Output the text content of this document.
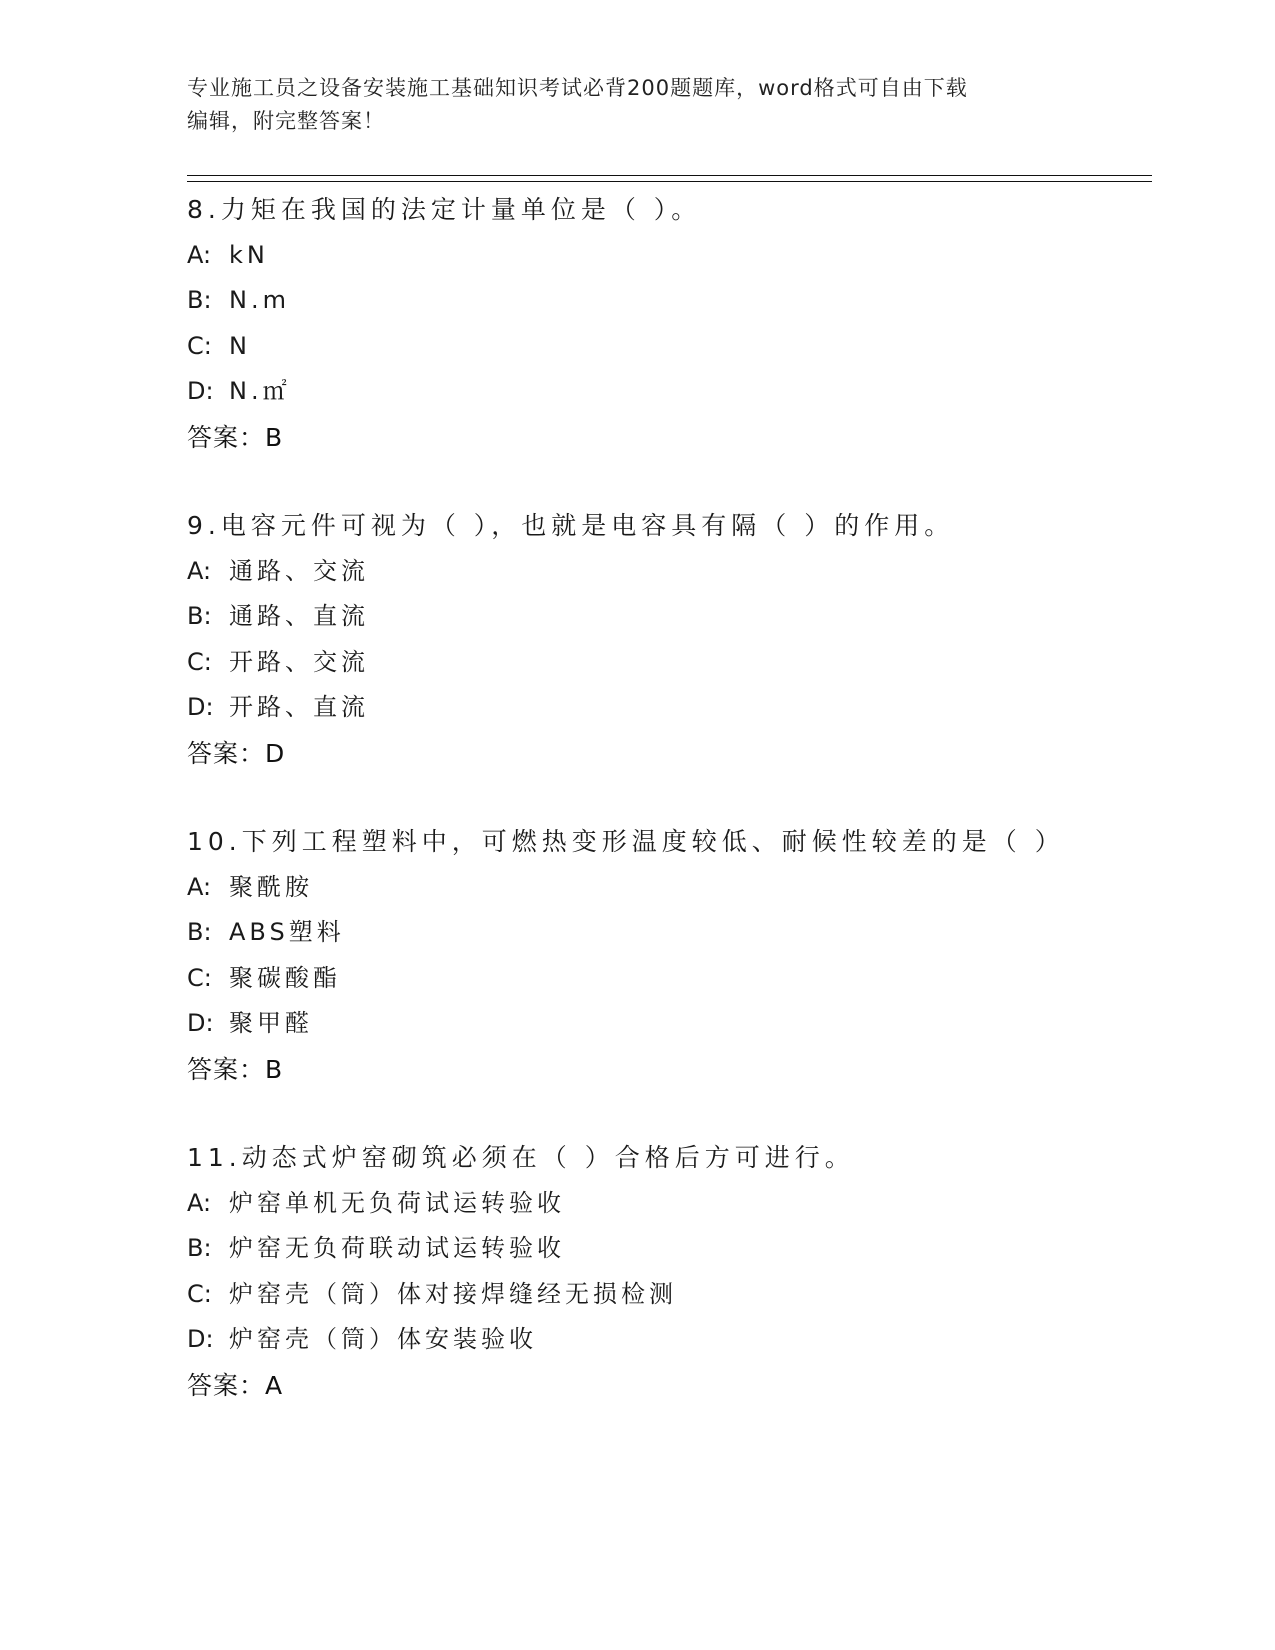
专业施工员之设备安装施工基础知识考试必背200题题库，word格式可自由下载
编辑，附完整答案！
8.力矩在我国的法定计量单位是（ ）。
A: kN
B: N.m
C: N
D: N.㎡
答案：B
9.电容元件可视为（ ），也就是电容具有隔（ ）的作用。
A: 通路、交流
B: 通路、直流
C: 开路、交流
D: 开路、直流
答案：D
10.下列工程塑料中，可燃热变形温度较低、耐候性较差的是（ ）
A: 聚酰胺
B: ABS塑料
C: 聚碳酸酯
D: 聚甲醛
答案：B
11.动态式炉窑砌筑必须在（ ）合格后方可进行。
A: 炉窑单机无负荷试运转验收
B: 炉窑无负荷联动试运转验收
C: 炉窑壳（筒）体对接焊缝经无损检测
D: 炉窑壳（筒）体安装验收
答案：A
